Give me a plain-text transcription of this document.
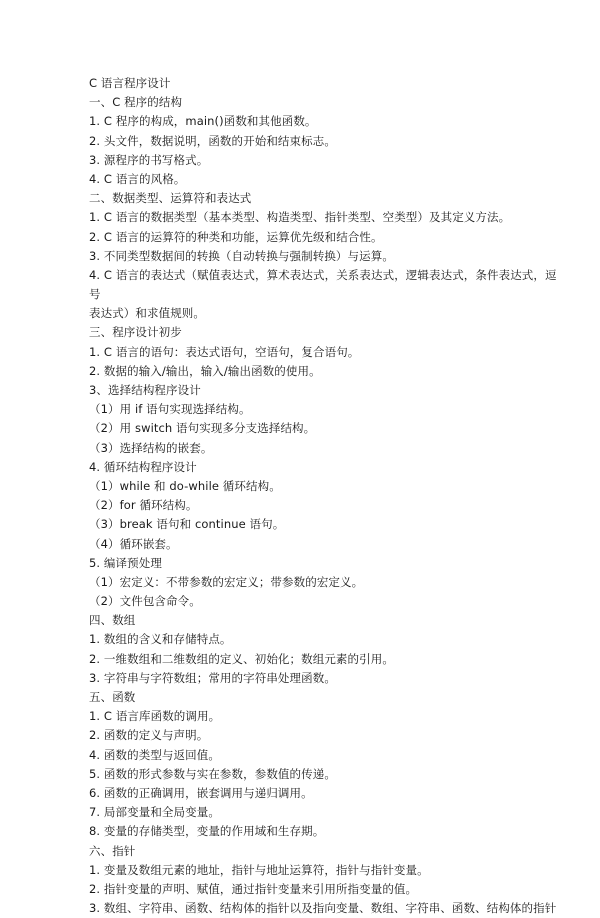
C 语言程序设计
一、C 程序的结构
1. C 程序的构成，main()函数和其他函数。
2. 头文件，数据说明，函数的开始和结束标志。
3. 源程序的书写格式。
4. C 语言的风格。
二、数据类型、运算符和表达式
1. C 语言的数据类型（基本类型、构造类型、指针类型、空类型）及其定义方法。
2. C 语言的运算符的种类和功能，运算优先级和结合性。
3. 不同类型数据间的转换（自动转换与强制转换）与运算。
4. C 语言的表达式（赋值表达式，算术表达式，关系表达式，逻辑表达式，条件表达式，逗
号
表达式）和求值规则。
三、程序设计初步
1. C 语言的语句：表达式语句，空语句，复合语句。
2. 数据的输入/输出，输入/输出函数的使用。
3、选择结构程序设计
（1）用 if 语句实现选择结构。
（2）用 switch 语句实现多分支选择结构。
（3）选择结构的嵌套。
4. 循环结构程序设计
（1）while 和 do-while 循环结构。
（2）for 循环结构。
（3）break 语句和 continue 语句。
（4）循环嵌套。
5. 编译预处理
（1）宏定义：不带参数的宏定义；带参数的宏定义。
（2）文件包含命令。
四、数组
1. 数组的含义和存储特点。
2. 一维数组和二维数组的定义、初始化；数组元素的引用。
3. 字符串与字符数组；常用的字符串处理函数。
五、函数
1. C 语言库函数的调用。
2. 函数的定义与声明。
4. 函数的类型与返回值。
5. 函数的形式参数与实在参数，参数值的传递。
6. 函数的正确调用，嵌套调用与递归调用。
7. 局部变量和全局变量。
8. 变量的存储类型，变量的作用域和生存期。
六、指针
1. 变量及数组元素的地址，指针与地址运算符，指针与指针变量。
2. 指针变量的声明、赋值，通过指针变量来引用所指变量的值。
3. 数组、字符串、函数、结构体的指针以及指向变量、数组、字符串、函数、结构体的指针
